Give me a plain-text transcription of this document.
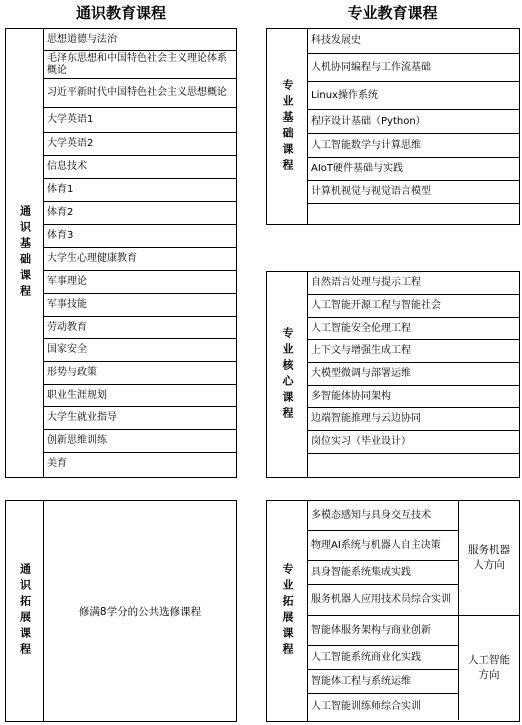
通识教育课程	专业教育课程
通识基础课程
思想道德与法治
毛泽东思想和中国特色社会主义理论体系概论
习近平新时代中国特色社会主义思想概论
大学英语1
大学英语2
信息技术
体育1
体育2
体育3
大学生心理健康教育
军事理论
军事技能
劳动教育
国家安全
形势与政策
职业生涯规划
大学生就业指导
创新思维训练
美育
通识拓展课程	修满8学分的公共选修课程
专业基础课程
科技发展史
人机协同编程与工作流基础
Linux操作系统
程序设计基础（Python）
人工智能数学与计算思维
AIoT硬件基础与实践
计算机视觉与视觉语言模型
专业核心课程
自然语言处理与提示工程
人工智能开源工程与智能社会
人工智能安全伦理工程
上下文与增强生成工程
大模型微调与部署运维
多智能体协同架构
边端智能推理与云边协同
岗位实习（毕业设计）
专业拓展课程
多模态感知与具身交互技术
物理AI系统与机器人自主决策
具身智能系统集成实践
服务机器人应用技术员综合实训
服务机器人方向
智能体服务架构与商业创新
人工智能系统商业化实践
智能体工程与系统运维
人工智能训练师综合实训
人工智能方向
